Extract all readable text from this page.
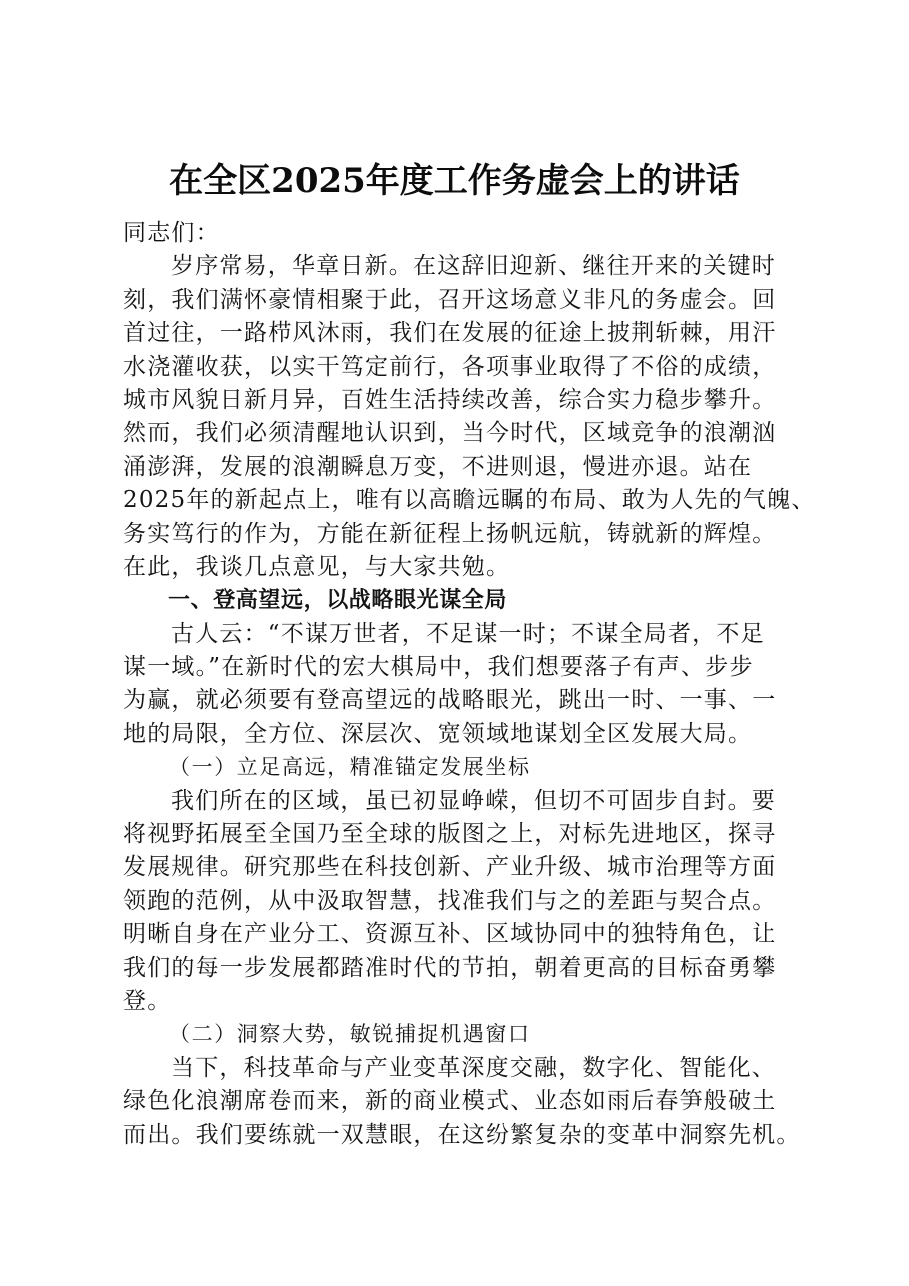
在全区2025年度工作务虚会上的讲话
同志们：
岁序常易，华章日新。在这辞旧迎新、继往开来的关键时
刻，我们满怀豪情相聚于此，召开这场意义非凡的务虚会。回
首过往，一路栉风沐雨，我们在发展的征途上披荆斩棘，用汗
水浇灌收获，以实干笃定前行，各项事业取得了不俗的成绩，
城市风貌日新月异，百姓生活持续改善，综合实力稳步攀升。
然而，我们必须清醒地认识到，当今时代，区域竞争的浪潮汹
涌澎湃，发展的浪潮瞬息万变，不进则退，慢进亦退。站在
2025年的新起点上，唯有以高瞻远瞩的布局、敢为人先的气魄、
务实笃行的作为，方能在新征程上扬帆远航，铸就新的辉煌。
在此，我谈几点意见，与大家共勉。
一、登高望远，以战略眼光谋全局
古人云：“不谋万世者，不足谋一时；不谋全局者，不足
谋一域。”在新时代的宏大棋局中，我们想要落子有声、步步
为赢，就必须要有登高望远的战略眼光，跳出一时、一事、一
地的局限，全方位、深层次、宽领域地谋划全区发展大局。
（一）立足高远，精准锚定发展坐标
我们所在的区域，虽已初显峥嵘，但切不可固步自封。要
将视野拓展至全国乃至全球的版图之上，对标先进地区，探寻
发展规律。研究那些在科技创新、产业升级、城市治理等方面
领跑的范例，从中汲取智慧，找准我们与之的差距与契合点。
明晰自身在产业分工、资源互补、区域协同中的独特角色，让
我们的每一步发展都踏准时代的节拍，朝着更高的目标奋勇攀
登。
（二）洞察大势，敏锐捕捉机遇窗口
当下，科技革命与产业变革深度交融，数字化、智能化、
绿色化浪潮席卷而来，新的商业模式、业态如雨后春笋般破土
而出。我们要练就一双慧眼，在这纷繁复杂的变革中洞察先机。
